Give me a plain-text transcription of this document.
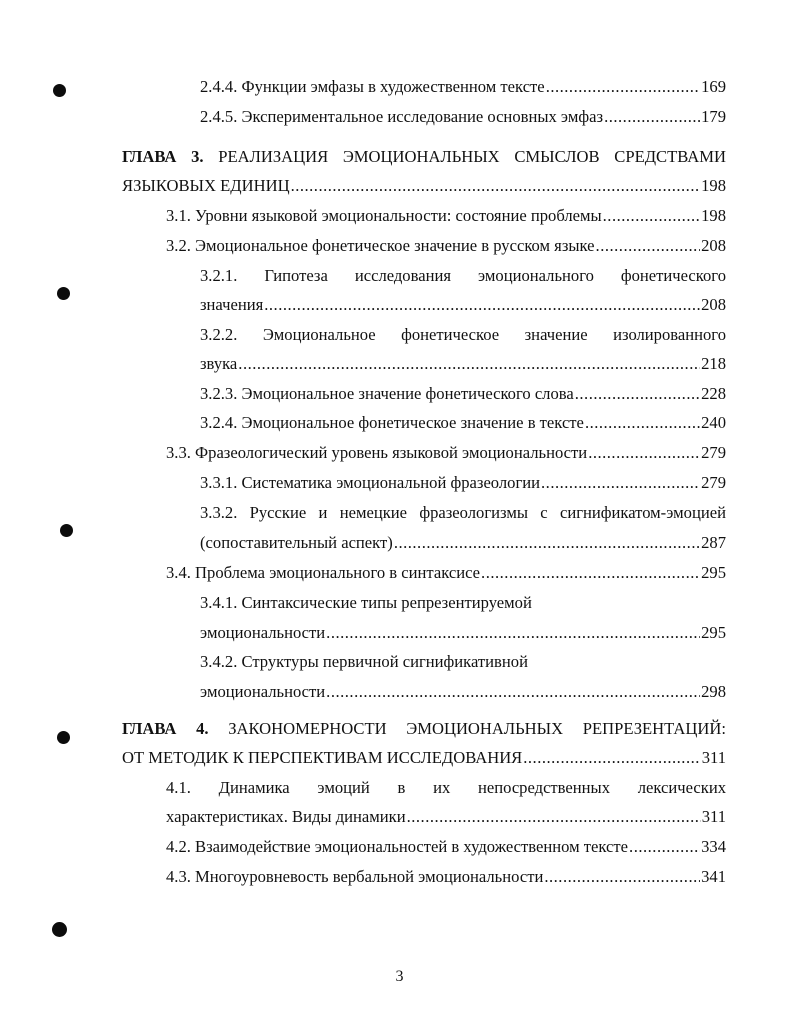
2.4.4. Функции эмфазы в художественном тексте .....	169
2.4.5. Экспериментальное исследование основных эмфаз .....	179
ГЛАВА 3. РЕАЛИЗАЦИЯ ЭМОЦИОНАЛЬНЫХ СМЫСЛОВ СРЕДСТВАМИ
ЯЗЫКОВЫХ ЕДИНИЦ .....	198
3.1. Уровни языковой эмоциональности: состояние проблемы .....	198
3.2. Эмоциональное фонетическое значение в русском языке .....	208
3.2.1. Гипотеза исследования эмоционального фонетического
значения .....	208
3.2.2. Эмоциональное фонетическое значение изолированного
звука .....	218
3.2.3. Эмоциональное значение фонетического слова .....	228
3.2.4. Эмоциональное фонетическое значение в тексте .....	240
3.3. Фразеологический уровень языковой эмоциональности .....	279
3.3.1. Систематика эмоциональной фразеологии .....	279
3.3.2. Русские и немецкие фразеологизмы с сигнификатом-эмоцией
(сопоставительный аспект) .....	287
3.4. Проблема эмоционального в синтаксисе .....	295
3.4.1. Синтаксические типы репрезентируемой
эмоциональности .....	295
3.4.2. Структуры первичной сигнификативной
эмоциональности .....	298
ГЛАВА 4. ЗАКОНОМЕРНОСТИ ЭМОЦИОНАЛЬНЫХ РЕПРЕЗЕНТАЦИЙ:
ОТ МЕТОДИК К ПЕРСПЕКТИВАМ ИССЛЕДОВАНИЯ .....	311
4.1. Динамика эмоций в их непосредственных лексических
характеристиках. Виды динамики .....	311
4.2. Взаимодействие эмоциональностей в художественном тексте .....	334
4.3. Многоуровневость вербальной эмоциональности .....	341
3
